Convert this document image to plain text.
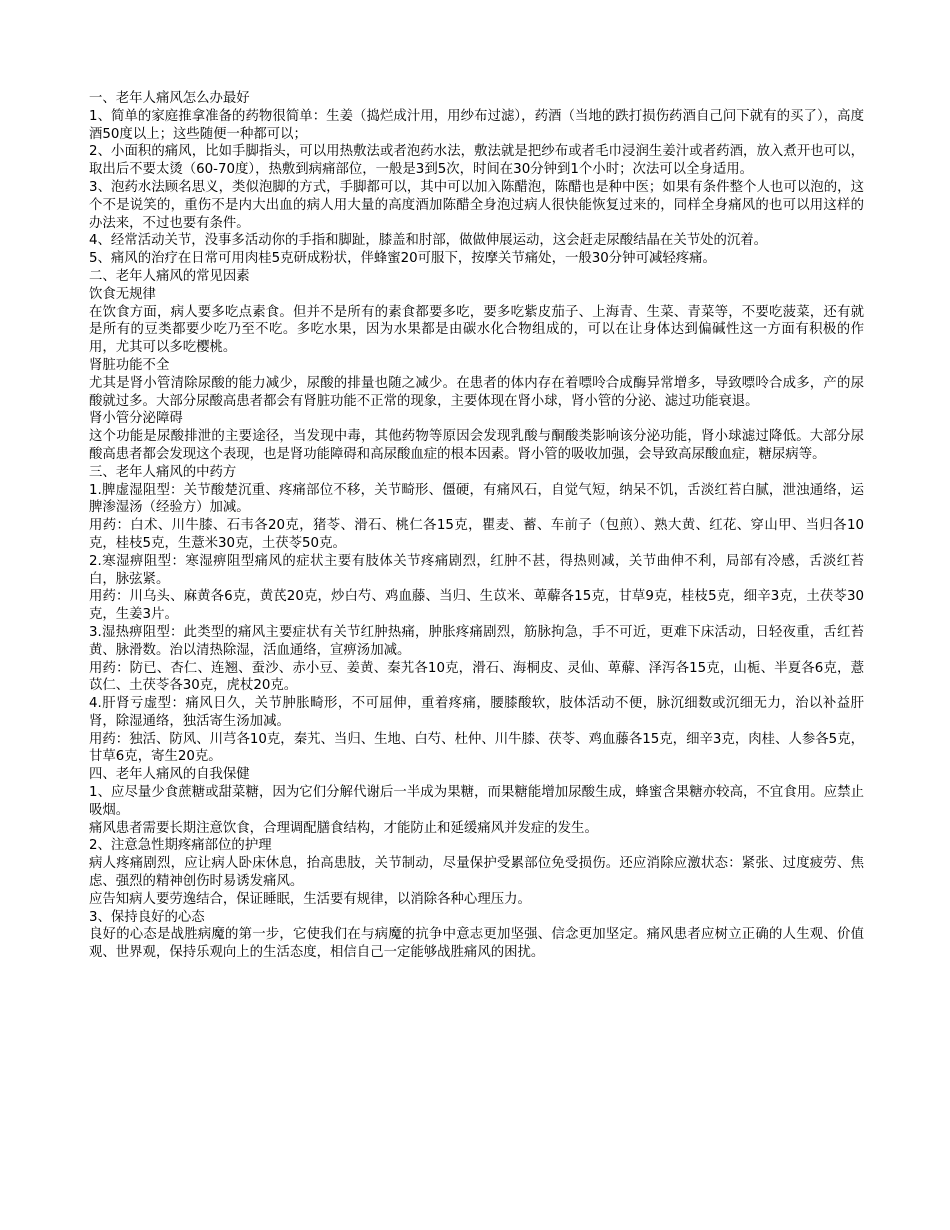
一、老年人痛风怎么办最好

1、简单的家庭推拿准备的药物很简单：生姜（捣烂成汁用，用纱布过滤），药酒（当地的跌打损伤药酒自己问下就有的买了），高度酒50度以上；这些随便一种都可以；

2、小面积的痛风，比如手脚指头，可以用热敷法或者泡药水法，敷法就是把纱布或者毛巾浸润生姜汁或者药酒，放入煮开也可以，取出后不要太烫（60-70度），热敷到病痛部位，一般是3到5次，时间在30分钟到1个小时；次法可以全身适用。

3、泡药水法顾名思义，类似泡脚的方式，手脚都可以，其中可以加入陈醋泡，陈醋也是种中医；如果有条件整个人也可以泡的，这个不是说笑的，重伤不是内大出血的病人用大量的高度酒加陈醋全身泡过病人很快能恢复过来的，同样全身痛风的也可以用这样的办法来，不过也要有条件。

4、经常活动关节，没事多活动你的手指和脚趾，膝盖和肘部，做做伸展运动，这会赶走尿酸结晶在关节处的沉着。

5、痛风的治疗在日常可用肉桂5克研成粉状，伴蜂蜜20可服下，按摩关节痛处，一般30分钟可减轻疼痛。

二、老年人痛风的常见因素

饮食无规律

在饮食方面，病人要多吃点素食。但并不是所有的素食都要多吃，要多吃紫皮茄子、上海青、生菜、青菜等，不要吃菠菜，还有就是所有的豆类都要少吃乃至不吃。多吃水果，因为水果都是由碳水化合物组成的，可以在让身体达到偏碱性这一方面有积极的作用，尤其可以多吃樱桃。

肾脏功能不全

尤其是肾小管清除尿酸的能力减少，尿酸的排量也随之减少。在患者的体内存在着嘌呤合成酶异常增多，导致嘌呤合成多，产的尿酸就过多。大部分尿酸高患者都会有肾脏功能不正常的现象，主要体现在肾小球，肾小管的分泌、滤过功能衰退。

肾小管分泌障碍

这个功能是尿酸排泄的主要途径，当发现中毒，其他药物等原因会发现乳酸与酮酸类影响该分泌功能，肾小球滤过降低。大部分尿酸高患者都会发现这个表现，也是肾功能障碍和高尿酸血症的根本因素。肾小管的吸收加强，会导致高尿酸血症，糖尿病等。

三、老年人痛风的中药方

1.脾虚湿阻型：关节酸楚沉重、疼痛部位不移，关节畸形、僵硬，有痛风石，自觉气短，纳呆不饥，舌淡红苔白腻，泄浊通络，运脾渗湿汤（经验方）加减。

用药：白术、川牛膝、石韦各20克，猪苓、滑石、桃仁各15克，瞿麦、蓄、车前子（包煎）、熟大黄、红花、穿山甲、当归各10克，桂枝5克，生薏米30克，土茯苓50克。

2.寒湿痹阻型：寒湿痹阻型痛风的症状主要有肢体关节疼痛剧烈，红肿不甚，得热则减，关节曲伸不利，局部有冷感，舌淡红苔白，脉弦紧。

用药：川乌头、麻黄各6克，黄芪20克，炒白芍、鸡血藤、当归、生苡米、萆薢各15克，甘草9克，桂枝5克，细辛3克，土茯苓30克，生姜3片。

3.湿热痹阻型：此类型的痛风主要症状有关节红肿热痛，肿胀疼痛剧烈，筋脉拘急，手不可近，更难下床活动，日轻夜重，舌红苔黄、脉滑数。治以清热除湿，活血通络，宣痹汤加减。

用药：防已、杏仁、连翘、蚕沙、赤小豆、姜黄、秦艽各10克，滑石、海桐皮、灵仙、萆薢、泽泻各15克，山栀、半夏各6克，薏苡仁、土茯苓各30克，虎杖20克。

4.肝肾亏虚型：痛风日久，关节肿胀畸形，不可屈伸，重着疼痛，腰膝酸软，肢体活动不便，脉沉细数或沉细无力，治以补益肝肾，除湿通络，独活寄生汤加减。

用药：独活、防风、川芎各10克，秦艽、当归、生地、白芍、杜仲、川牛膝、茯苓、鸡血藤各15克，细辛3克，肉桂、人参各5克，甘草6克，寄生20克。

四、老年人痛风的自我保健

1、应尽量少食蔗糖或甜菜糖，因为它们分解代谢后一半成为果糖，而果糖能增加尿酸生成，蜂蜜含果糖亦较高，不宜食用。应禁止吸烟。

痛风患者需要长期注意饮食，合理调配膳食结构，才能防止和延缓痛风并发症的发生。

2、注意急性期疼痛部位的护理

病人疼痛剧烈，应让病人卧床休息，抬高患肢，关节制动，尽量保护受累部位免受损伤。还应消除应激状态：紧张、过度疲劳、焦虑、强烈的精神创伤时易诱发痛风。

应告知病人要劳逸结合，保证睡眠，生活要有规律，以消除各种心理压力。

3、保持良好的心态

良好的心态是战胜病魔的第一步，它使我们在与病魔的抗争中意志更加坚强、信念更加坚定。痛风患者应树立正确的人生观、价值观、世界观，保持乐观向上的生活态度，相信自己一定能够战胜痛风的困扰。
